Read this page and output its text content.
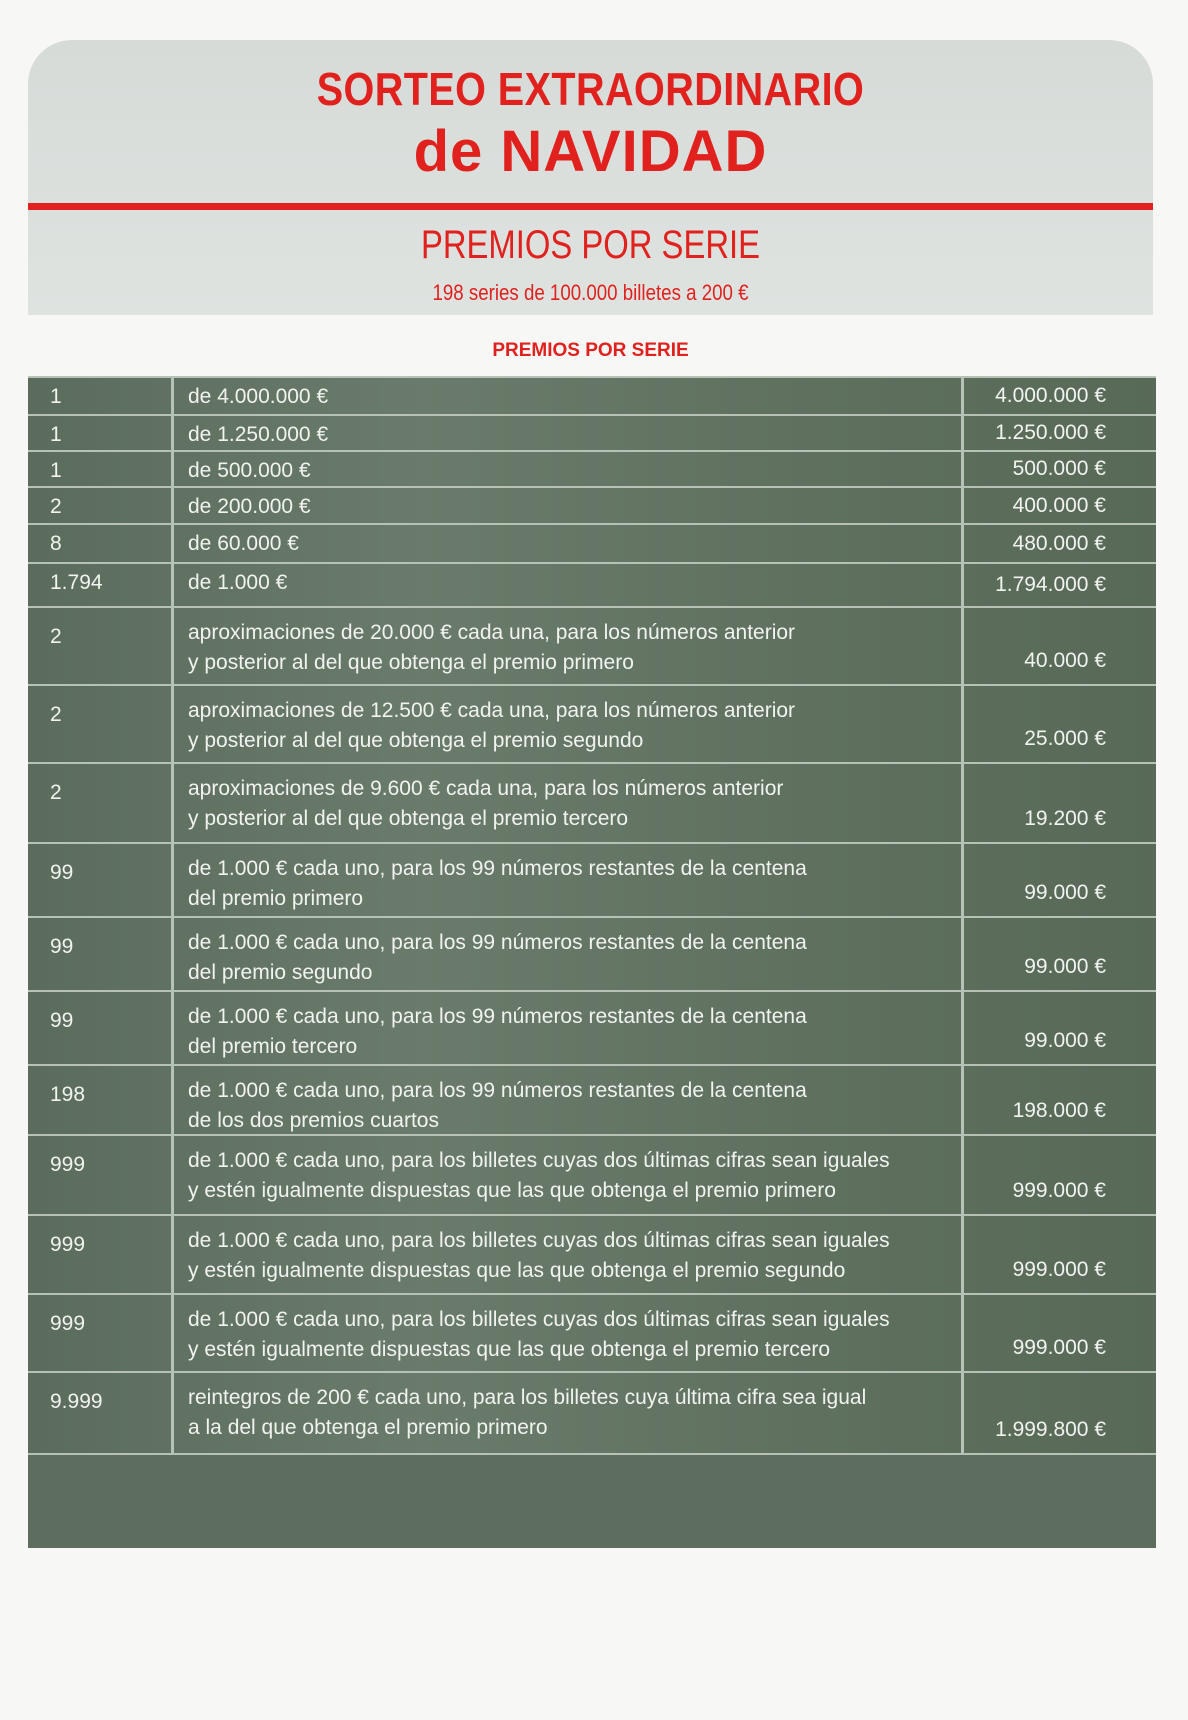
SORTEO EXTRAORDINARIO
de NAVIDAD
PREMIOS POR SERIE
198 series de 100.000 billetes a 200 €
PREMIOS POR SERIE
1	de 4.000.000 €	4.000.000 €
1	de 1.250.000 €	1.250.000 €
1	de 500.000 €	500.000 €
2	de 200.000 €	400.000 €
8	de 60.000 €	480.000 €
1.794	de 1.000 €	1.794.000 €
2	aproximaciones de 20.000 € cada una, para los números anterior
y posterior al del que obtenga el premio primero	40.000 €
2	aproximaciones de 12.500 € cada una, para los números anterior
y posterior al del que obtenga el premio segundo	25.000 €
2	aproximaciones de 9.600 € cada una, para los números anterior
y posterior al del que obtenga el premio tercero	19.200 €
99	de 1.000 € cada uno, para los 99 números restantes de la centena
del premio primero	99.000 €
99	de 1.000 € cada uno, para los 99 números restantes de la centena
del premio segundo	99.000 €
99	de 1.000 € cada uno, para los 99 números restantes de la centena
del premio tercero	99.000 €
198	de 1.000 € cada uno, para los 99 números restantes de la centena
de los dos premios cuartos	198.000 €
999	de 1.000 € cada uno, para los billetes cuyas dos últimas cifras sean iguales
y estén igualmente dispuestas que las que obtenga el premio primero	999.000 €
999	de 1.000 € cada uno, para los billetes cuyas dos últimas cifras sean iguales
y estén igualmente dispuestas que las que obtenga el premio segundo	999.000 €
999	de 1.000 € cada uno, para los billetes cuyas dos últimas cifras sean iguales
y estén igualmente dispuestas que las que obtenga el premio tercero	999.000 €
9.999	reintegros de 200 € cada uno, para los billetes cuya última cifra sea igual
a la del que obtenga el premio primero	1.999.800 €
